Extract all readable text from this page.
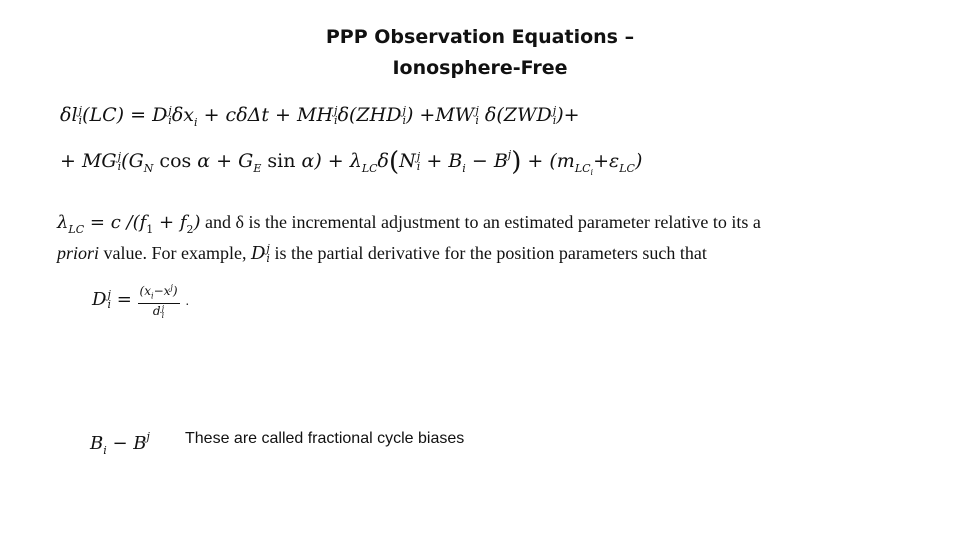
PPP Observation Equations –
Ionosphere-Free
δl j
i (LC) = D j
i $\delta x_i + c\delta\Delta t$ + MH j
i δ(ZHD j
i ) +MW j
i δ(ZWD j
i )+
+ MG j
i ($G_N$ $\cos \alpha + G_E$ $\sin \alpha) + \lambda_{LC}\delta(N$ j
$i + B_i - B^j) + (m_{LC_i}+\varepsilon_{LC})$
$\lambda_{LC} = c$ $/(f_1 + f_2)$ and δ is the incremental adjustment to an estimated parameter relative to its a
priori value. For example, D j
i is the partial derivative for the position parameters such that
D j
$i = (x_i-x^j)$
d j
i .
$B_i - B^j$ These are called fractional cycle biases
